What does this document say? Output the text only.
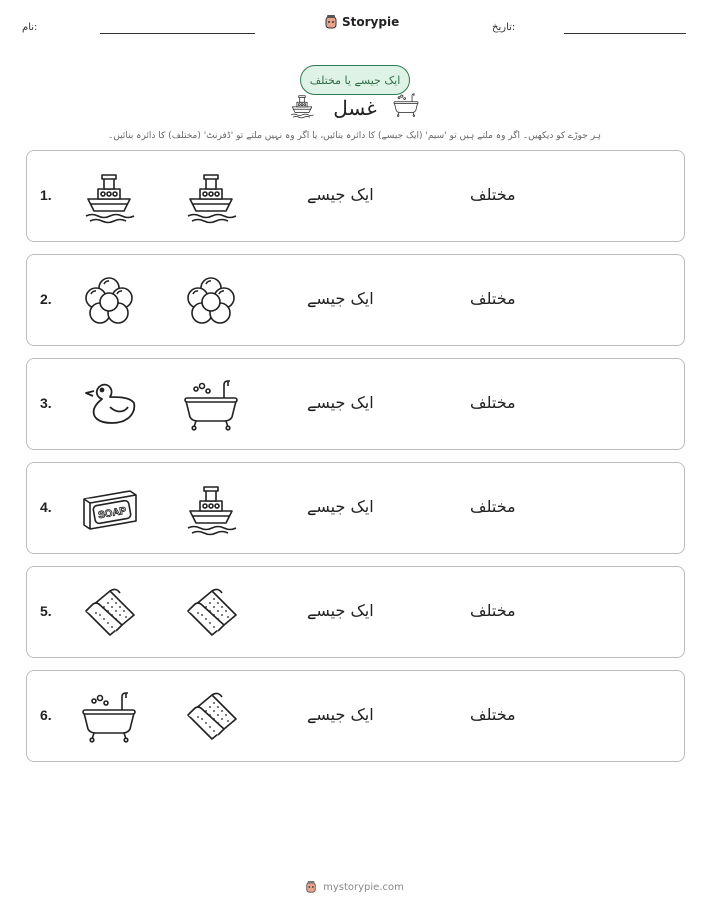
نام:	Storypie	تاریخ:
ایک جیسے یا مختلف
غسل
ہر جوڑے کو دیکھیں۔ اگر وہ ملتے ہیں تو 'سیم' (ایک جیسے) کا دائرہ بنائیں، یا اگر وہ نہیں ملتے تو 'ڈفرنٹ' (مختلف) کا دائرہ بنائیں۔
1.	ایک جیسے	مختلف
2.	ایک جیسے	مختلف
3.	ایک جیسے	مختلف
4.	SOAP	ایک جیسے	مختلف
5.	ایک جیسے	مختلف
6.	ایک جیسے	مختلف
mystorypie.com
